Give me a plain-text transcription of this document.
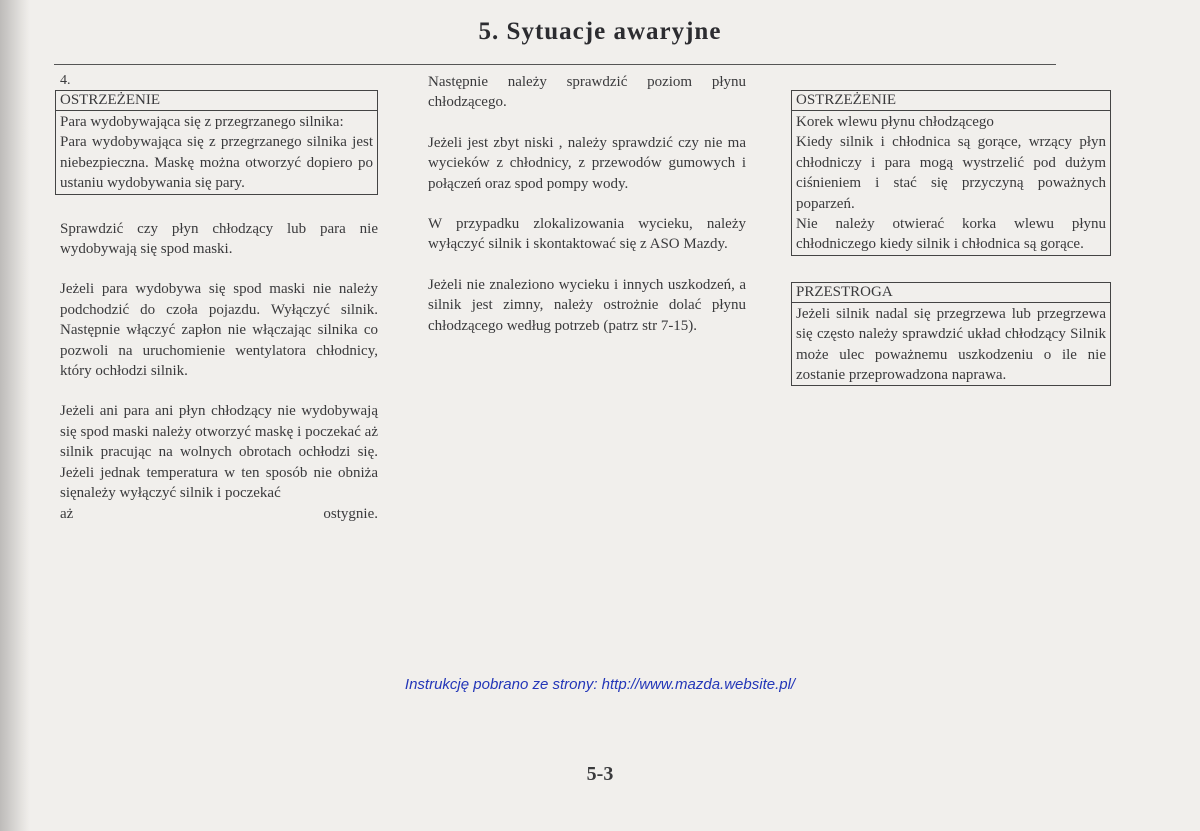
5. Sytuacje awaryjne
4.
OSTRZEŻENIE

Para wydobywająca się z przegrzanego silnika:

Para wydobywająca się z przegrzanego silnika jest niebezpieczna. Maskę można otworzyć dopiero po ustaniu wydobywania się pary.

Sprawdzić czy płyn chłodzący lub para nie wydobywają się spod maski.

Jeżeli para wydobywa się spod maski nie należy podchodzić do czoła pojazdu. Wyłączyć silnik. Następnie włączyć zapłon nie włączając silnika co pozwoli na uruchomienie wentylatora chłodnicy, który ochłodzi silnik.

Jeżeli ani para ani płyn chłodzący nie wydobywają się spod maski należy otworzyć maskę i poczekać aż silnik pracując na wolnych obrotach ochłodzi się. Jeżeli jednak temperatura w ten sposób nie obniża sięnależy wyłączyć silnik i poczekać

aż	ostygnie.

Następnie należy sprawdzić poziom płynu chłodzącego.

Jeżeli jest zbyt niski , należy sprawdzić czy nie ma wycieków z chłodnicy, z przewodów gumowych i połączeń oraz spod pompy wody.

W przypadku zlokalizowania wycieku, należy wyłączyć silnik i skontaktować się z ASO Mazdy.

Jeżeli nie znaleziono wycieku i innych uszkodzeń, a silnik jest zimny, należy ostrożnie dolać płynu chłodzącego według potrzeb (patrz str 7-15).

OSTRZEŻENIE

Korek wlewu płynu chłodzącego

Kiedy silnik i chłodnica są gorące, wrzący płyn chłodniczy i para mogą wystrzelić pod dużym ciśnieniem i stać się przyczyną poważnych poparzeń.

Nie należy otwierać korka wlewu płynu chłodniczego kiedy silnik i chłodnica są gorące.

PRZESTROGA

Jeżeli silnik nadal się przegrzewa lub przegrzewa się często należy sprawdzić układ chłodzący Silnik może ulec poważnemu uszkodzeniu o ile nie zostanie przeprowadzona naprawa.

Instrukcję pobrano ze strony: http://www.mazda.website.pl/
5-3
